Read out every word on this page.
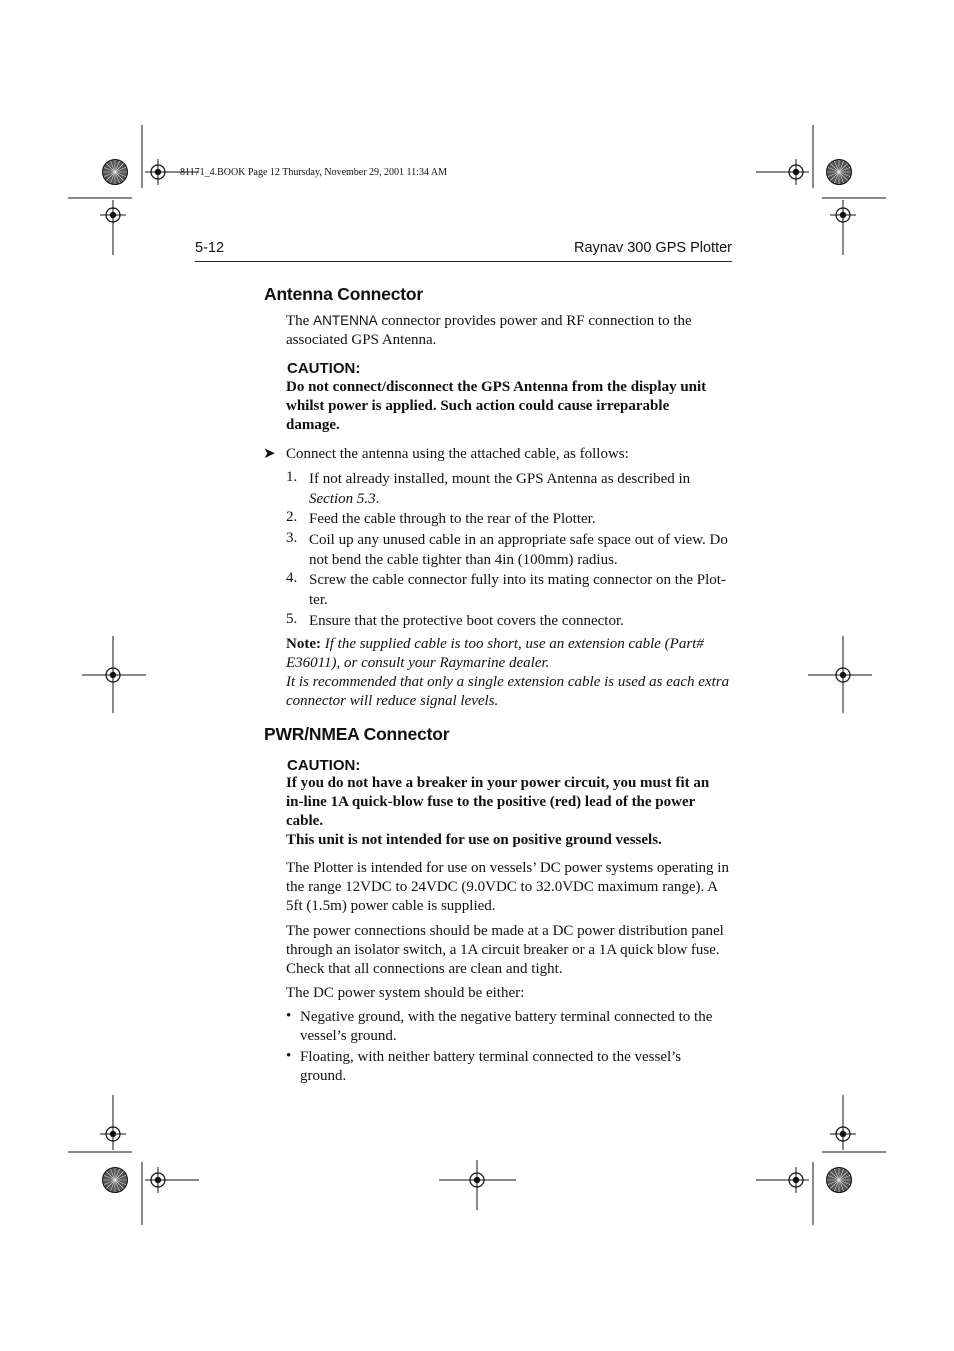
81171_4.BOOK Page 12 Thursday, November 29, 2001 11:34 AM
5-12	Raynav 300 GPS Plotter
Antenna Connector
The ANTENNA connector provides power and RF connection to the
associated GPS Antenna.
CAUTION:
Do not connect/disconnect the GPS Antenna from the display unit
whilst power is applied. Such action could cause irreparable
damage.
➤ Connect the antenna using the attached cable, as follows:
1. If not already installed, mount the GPS Antenna as described in
Section 5.3.
2. Feed the cable through to the rear of the Plotter.
3. Coil up any unused cable in an appropriate safe space out of view. Do
not bend the cable tighter than 4in (100mm) radius.
4. Screw the cable connector fully into its mating connector on the Plot-
ter.
5. Ensure that the protective boot covers the connector.
Note: If the supplied cable is too short, use an extension cable (Part#
E36011), or consult your Raymarine dealer.
It is recommended that only a single extension cable is used as each extra
connector will reduce signal levels.
PWR/NMEA Connector
CAUTION:
If you do not have a breaker in your power circuit, you must fit an
in-line 1A quick-blow fuse to the positive (red) lead of the power
cable.
This unit is not intended for use on positive ground vessels.
The Plotter is intended for use on vessels’ DC power systems operating in
the range 12VDC to 24VDC (9.0VDC to 32.0VDC maximum range). A
5ft (1.5m) power cable is supplied.
The power connections should be made at a DC power distribution panel
through an isolator switch, a 1A circuit breaker or a 1A quick blow fuse.
Check that all connections are clean and tight.
The DC power system should be either:
• Negative ground, with the negative battery terminal connected to the
vessel’s ground.
• Floating, with neither battery terminal connected to the vessel’s
ground.
